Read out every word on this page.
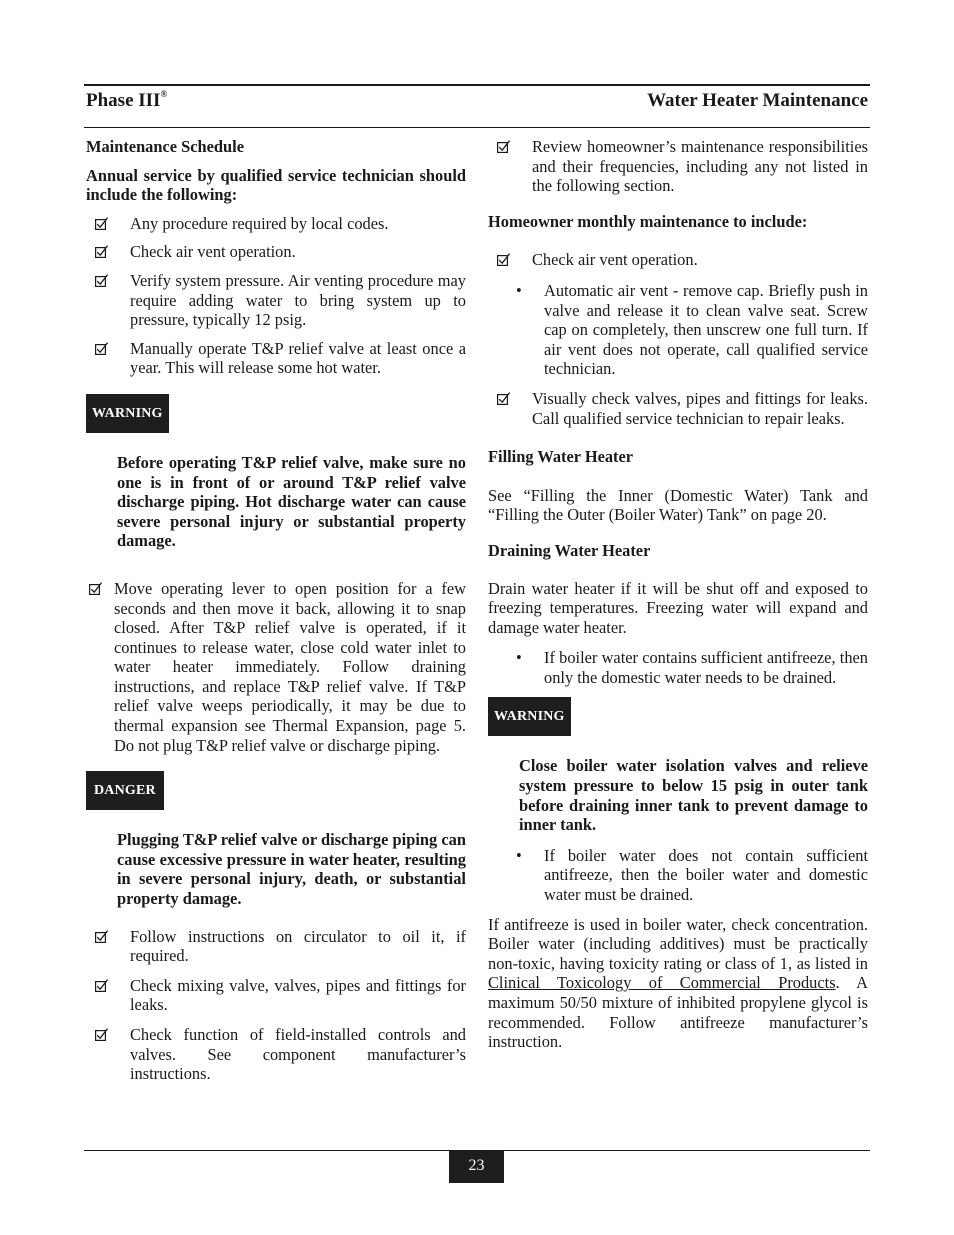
Phase III®	Water Heater Maintenance

Maintenance Schedule

Annual service by qualified service technician should include the following:

Any procedure required by local codes.
Check air vent operation.
Verify system pressure. Air venting procedure may require adding water to bring system up to pressure, typically 12 psig.
Manually operate T&P relief valve at least once a year. This will release some hot water.
WARNING

Before operating T&P relief valve, make sure no one is in front of or around T&P relief valve discharge piping. Hot discharge water can cause severe personal injury or substantial property damage.

Move operating lever to open position for a few seconds and then move it back, allowing it to snap closed. After T&P relief valve is operated, if it continues to release water, close cold water inlet to water heater immediately. Follow draining instructions, and replace T&P relief valve. If T&P relief valve weeps periodically, it may be due to thermal expansion see Thermal Expansion, page 5. Do not plug T&P relief valve or discharge piping.
DANGER

Plugging T&P relief valve or discharge piping can cause excessive pressure in water heater, resulting in severe personal injury, death, or substantial property damage.

Follow instructions on circulator to oil it, if required.
Check mixing valve, valves, pipes and fittings for leaks.
Check function of field-installed controls and valves. See component manufacturer’s instructions.
Review homeowner’s maintenance responsibilities and their frequencies, including any not listed in the following section.

Homeowner monthly maintenance to include:

Check air vent operation.
• Automatic air vent - remove cap. Briefly push in valve and release it to clean valve seat. Screw cap on completely, then unscrew one full turn. If air vent does not operate, call qualified service technician.
Visually check valves, pipes and fittings for leaks. Call qualified service technician to repair leaks.

Filling Water Heater

See “Filling the Inner (Domestic Water) Tank and “Filling the Outer (Boiler Water) Tank” on page 20.

Draining Water Heater

Drain water heater if it will be shut off and exposed to freezing temperatures. Freezing water will expand and damage water heater.

• If boiler water contains sufficient antifreeze, then only the domestic water needs to be drained.
WARNING

Close boiler water isolation valves and relieve system pressure to below 15 psig in outer tank before draining inner tank to prevent damage to inner tank.

• If boiler water does not contain sufficient antifreeze, then the boiler water and domestic water must be drained.

If antifreeze is used in boiler water, check concentration. Boiler water (including additives) must be practically non-toxic, having toxicity rating or class of 1, as listed in Clinical Toxicology of Commercial Products. A maximum 50/50 mixture of inhibited propylene glycol is recommended. Follow antifreeze manufacturer’s instruction.

23
